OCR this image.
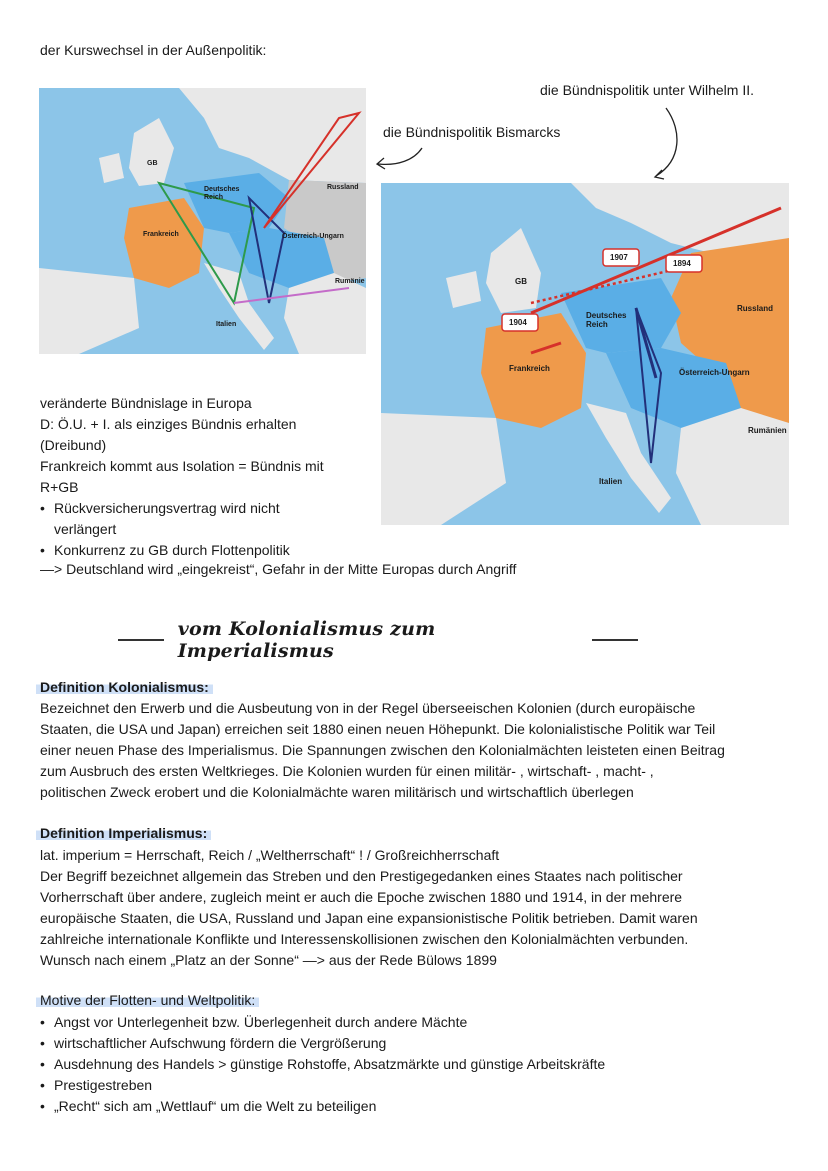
der Kurswechsel in der Außenpolitik:
die Bündnispolitik unter Wilhelm II.
die Bündnispolitik Bismarcks
GB
Deutsches Reich
Russland
Frankreich	Österreich-Ungarn
Rumänie
Italien
1907
1894
1904
GB
Deutsches Reich
Russland
Frankreich	Österreich-Ungarn
Rumänien
Italien
veränderte Bündnislage in Europa
D: Ö.U. + I. als einziges Bündnis erhalten
(Dreibund)
Frankreich kommt aus Isolation = Bündnis mit
R+GB
• Rückversicherungsvertrag wird nicht
verlängert
• Konkurrenz zu GB durch Flottenpolitik
—> Deutschland wird „eingekreist“, Gefahr in der Mitte Europas durch Angriff
vom Kolonialismus zum Imperialismus
Definition Kolonialismus:
Bezeichnet den Erwerb und die Ausbeutung von in der Regel überseeischen Kolonien (durch europäische
Staaten, die USA und Japan) erreichen seit 1880 einen neuen Höhepunkt. Die kolonialistische Politik war Teil
einer neuen Phase des Imperialismus. Die Spannungen zwischen den Kolonialmächten leisteten einen Beitrag
zum Ausbruch des ersten Weltkrieges. Die Kolonien wurden für einen militär- , wirtschaft- , macht- ,
politischen Zweck erobert und die Kolonialmächte waren militärisch und wirtschaftlich überlegen
Definition Imperialismus:
lat. imperium = Herrschaft, Reich / „Weltherrschaft“ ! / Großreichherrschaft
Der Begriff bezeichnet allgemein das Streben und den Prestigegedanken eines Staates nach politischer
Vorherrschaft über andere, zugleich meint er auch die Epoche zwischen 1880 und 1914, in der mehrere
europäische Staaten, die USA, Russland und Japan eine expansionistische Politik betrieben. Damit waren
zahlreiche internationale Konflikte und Interessenskollisionen zwischen den Kolonialmächten verbunden.
Wunsch nach einem „Platz an der Sonne“ —> aus der Rede Bülows 1899
Motive der Flotten- und Weltpolitik:
• Angst vor Unterlegenheit bzw. Überlegenheit durch andere Mächte
• wirtschaftlicher Aufschwung fördern die Vergrößerung
• Ausdehnung des Handels > günstige Rohstoffe, Absatzmärkte und günstige Arbeitskräfte
• Prestigestreben
• „Recht“ sich am „Wettlauf“ um die Welt zu beteiligen
